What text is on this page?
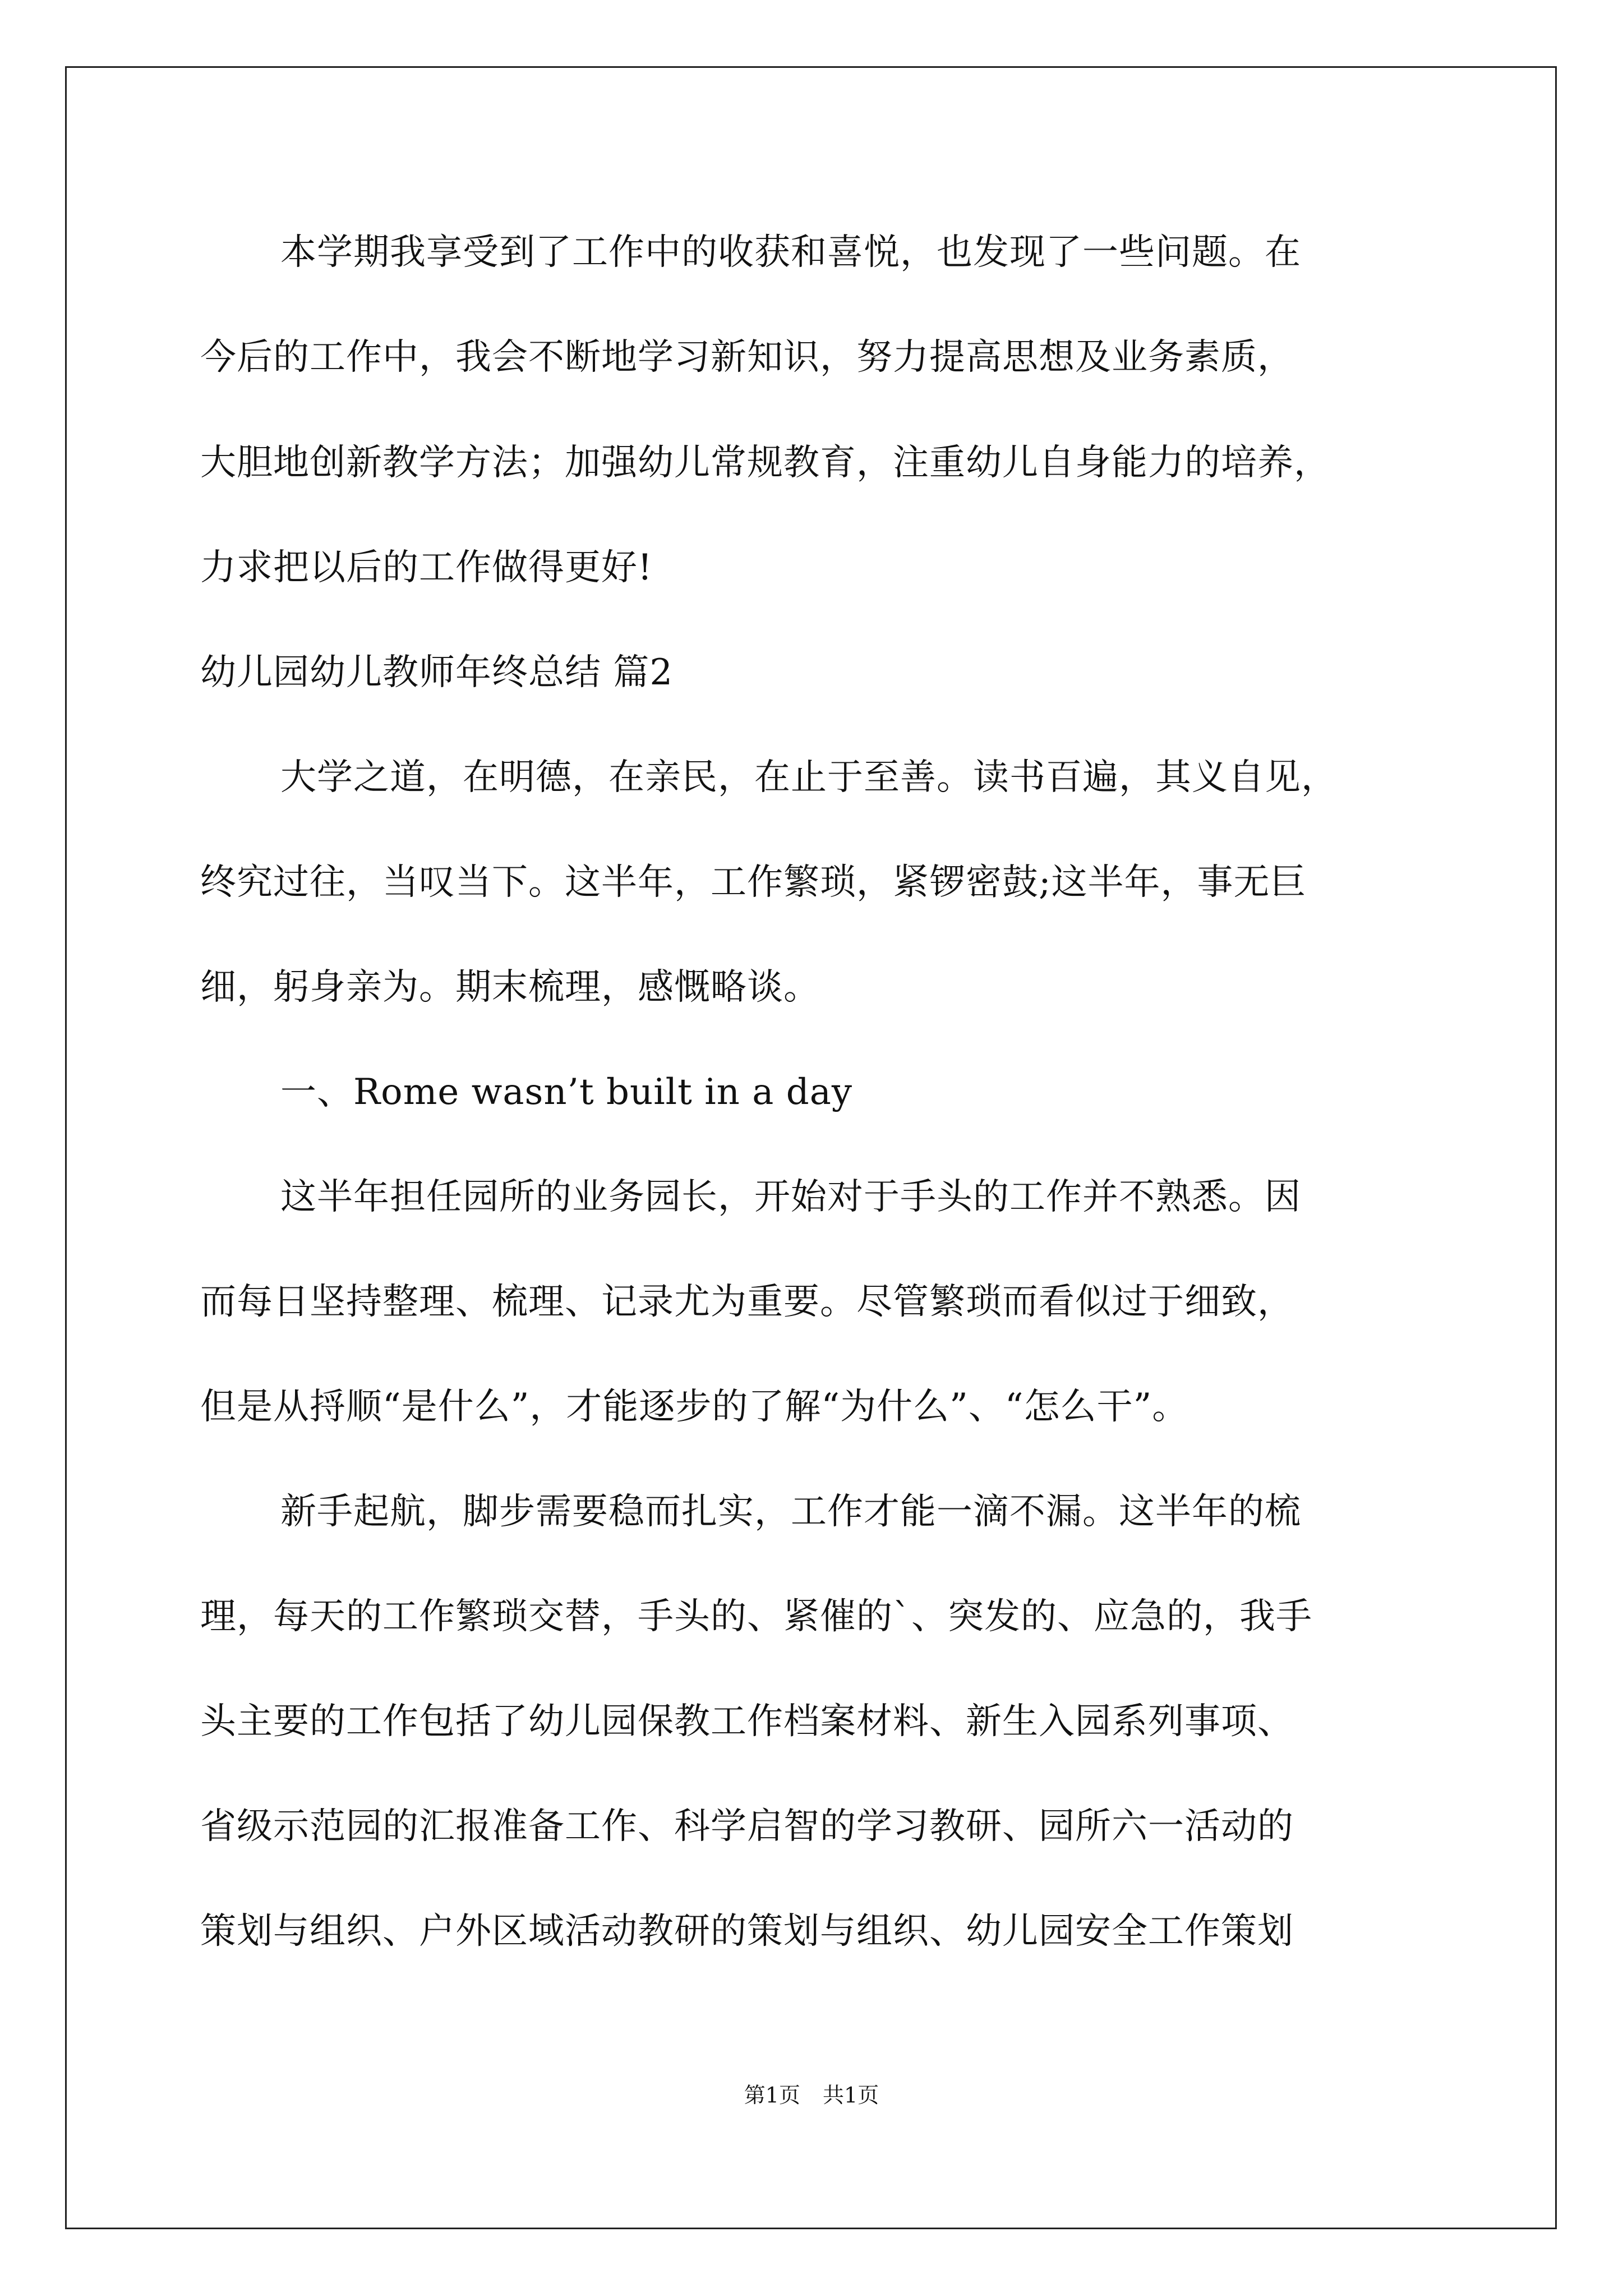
本学期我享受到了工作中的收获和喜悦，也发现了一些问题。在
今后的工作中，我会不断地学习新知识，努力提高思想及业务素质，
大胆地创新教学方法；加强幼儿常规教育，注重幼儿自身能力的培养，
力求把以后的工作做得更好!
幼儿园幼儿教师年终总结 篇2
大学之道，在明德，在亲民，在止于至善。读书百遍，其义自见，
终究过往，当叹当下。这半年，工作繁琐，紧锣密鼓;这半年，事无巨
细，躬身亲为。期末梳理，感慨略谈。
一、Rome wasn’t built in a day
这半年担任园所的业务园长，开始对于手头的工作并不熟悉。因
而每日坚持整理、梳理、记录尤为重要。尽管繁琐而看似过于细致，
但是从捋顺“是什么”，才能逐步的了解“为什么”、“怎么干”。
新手起航，脚步需要稳而扎实，工作才能一滴不漏。这半年的梳
理，每天的工作繁琐交替，手头的、紧催的`、突发的、应急的，我手
头主要的工作包括了幼儿园保教工作档案材料、新生入园系列事项、
省级示范园的汇报准备工作、科学启智的学习教研、园所六一活动的
策划与组织、户外区域活动教研的策划与组织、幼儿园安全工作策划
第1页 共1页
